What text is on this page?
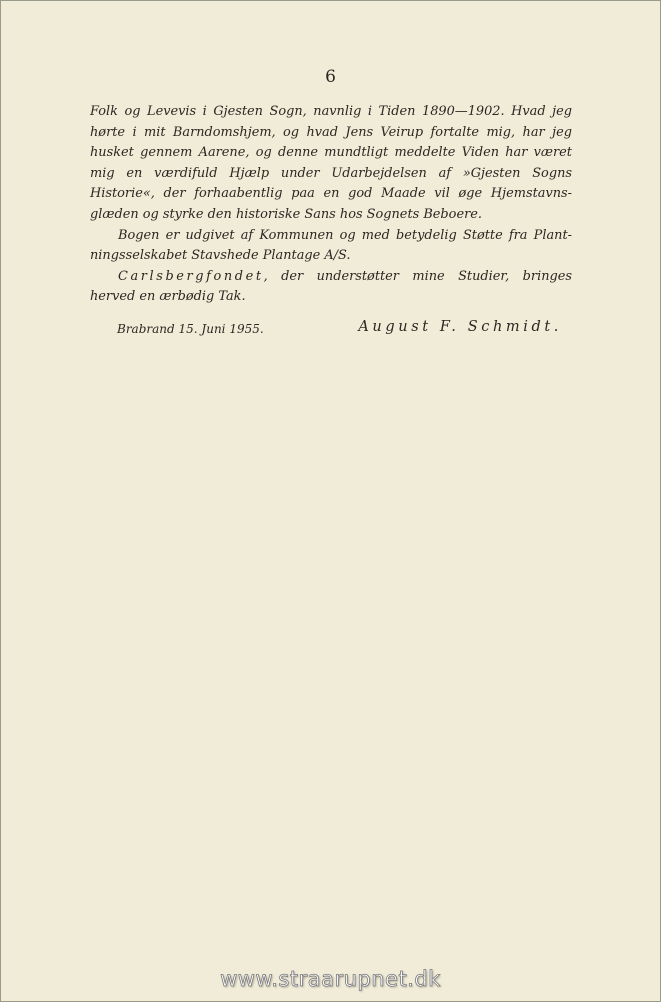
6

Folk og Levevis i Gjesten Sogn, navnlig i Tiden 1890—1902. Hvad jeg hørte i mit Barndomshjem, og hvad Jens Veirup fortalte mig, har jeg husket gennem Aarene, og denne mundtligt meddelte Viden har været mig en værdifuld Hjælp under Udarbejdelsen af »Gjesten Sogns Historie«, der forhaabentlig paa en god Maade vil øge Hjemstavns- glæden og styrke den historiske Sans hos Sognets Beboere.

Bogen er udgivet af Kommunen og med betydelig Støtte fra Plant- ningsselskabet Stavshede Plantage A/S.

Carlsbergfondet, der understøtter mine Studier, bringes herved en ærbødig Tak.

Brabrand 15. Juni 1955.	August F. Schmidt.
www.straarupnet.dk
